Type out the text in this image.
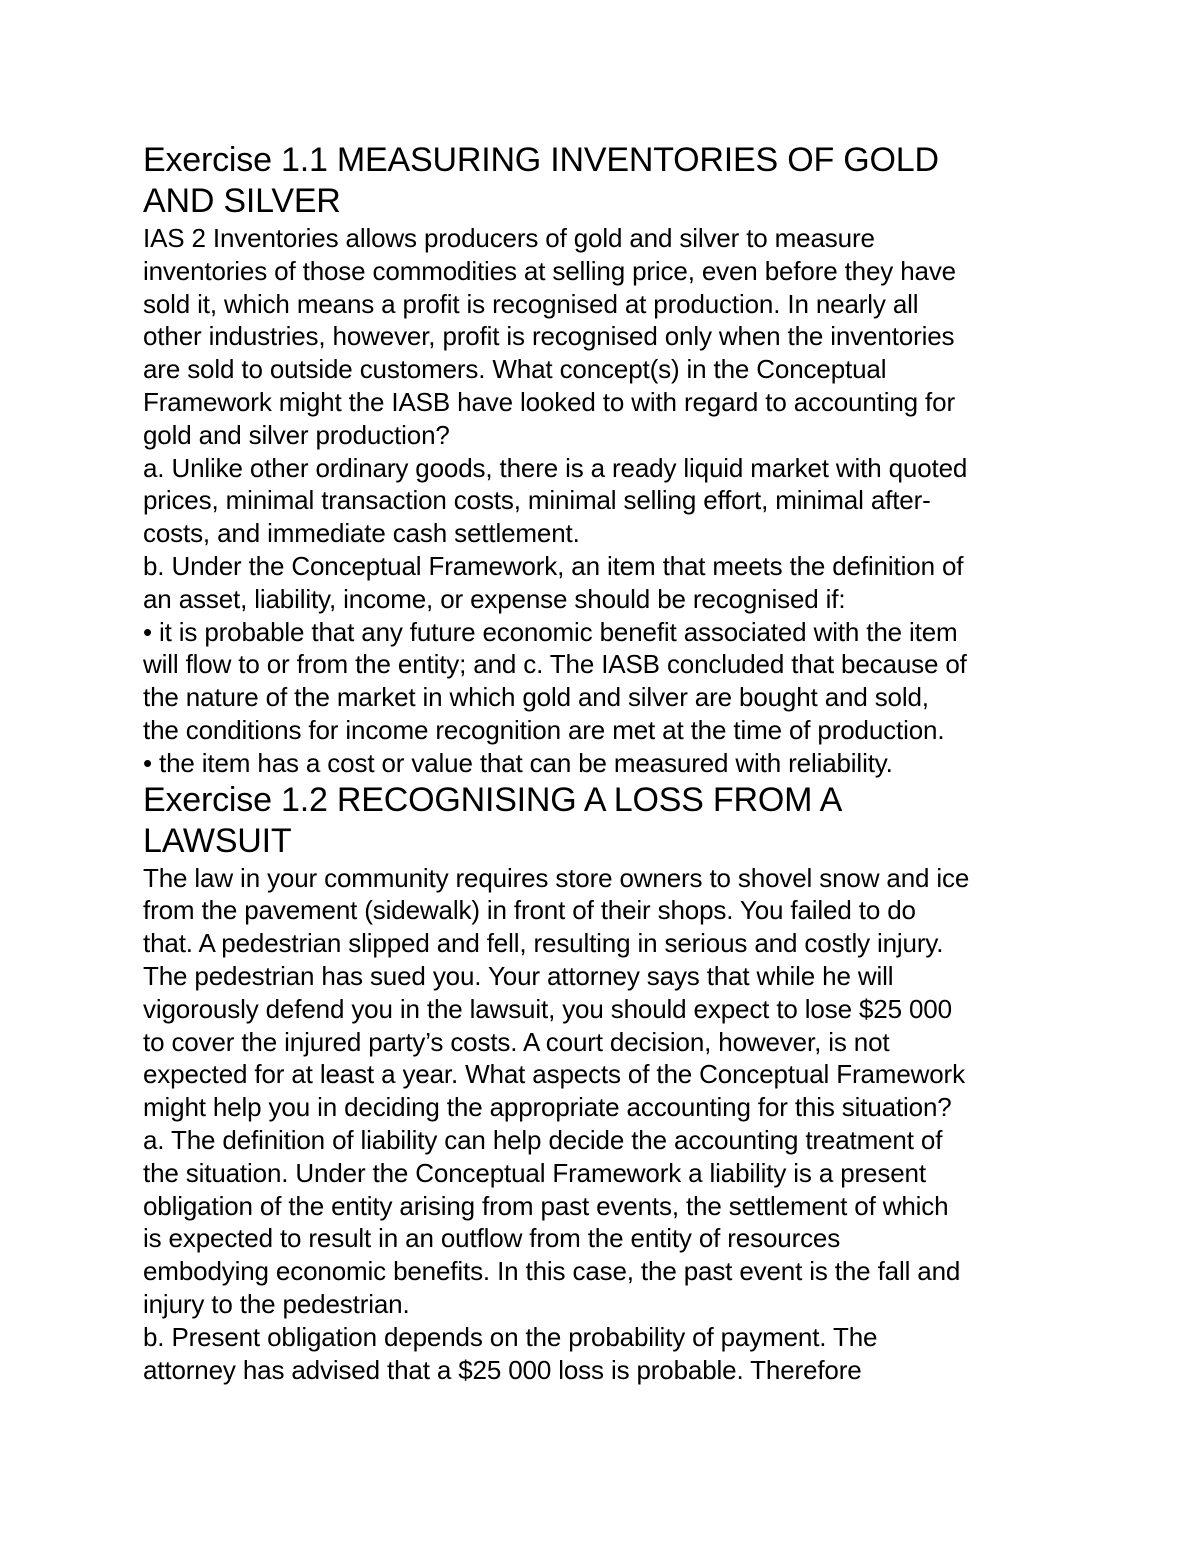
Exercise 1.1 MEASURING INVENTORIES OF GOLD
AND SILVER
IAS 2 Inventories allows producers of gold and silver to measure
inventories of those commodities at selling price, even before they have
sold it, which means a profit is recognised at production. In nearly all
other industries, however, profit is recognised only when the inventories
are sold to outside customers. What concept(s) in the Conceptual
Framework might the IASB have looked to with regard to accounting for
gold and silver production?
a. Unlike other ordinary goods, there is a ready liquid market with quoted
prices, minimal transaction costs, minimal selling effort, minimal after-
costs, and immediate cash settlement.
b. Under the Conceptual Framework, an item that meets the definition of
an asset, liability, income, or expense should be recognised if:
• it is probable that any future economic benefit associated with the item
will flow to or from the entity; and c. The IASB concluded that because of
the nature of the market in which gold and silver are bought and sold,
the conditions for income recognition are met at the time of production.
• the item has a cost or value that can be measured with reliability.
Exercise 1.2 RECOGNISING A LOSS FROM A
LAWSUIT
The law in your community requires store owners to shovel snow and ice
from the pavement (sidewalk) in front of their shops. You failed to do
that. A pedestrian slipped and fell, resulting in serious and costly injury.
The pedestrian has sued you. Your attorney says that while he will
vigorously defend you in the lawsuit, you should expect to lose $25 000
to cover the injured party’s costs. A court decision, however, is not
expected for at least a year. What aspects of the Conceptual Framework
might help you in deciding the appropriate accounting for this situation?
a. The definition of liability can help decide the accounting treatment of
the situation. Under the Conceptual Framework a liability is a present
obligation of the entity arising from past events, the settlement of which
is expected to result in an outflow from the entity of resources
embodying economic benefits. In this case, the past event is the fall and
injury to the pedestrian.
b. Present obligation depends on the probability of payment. The
attorney has advised that a $25 000 loss is probable. Therefore
